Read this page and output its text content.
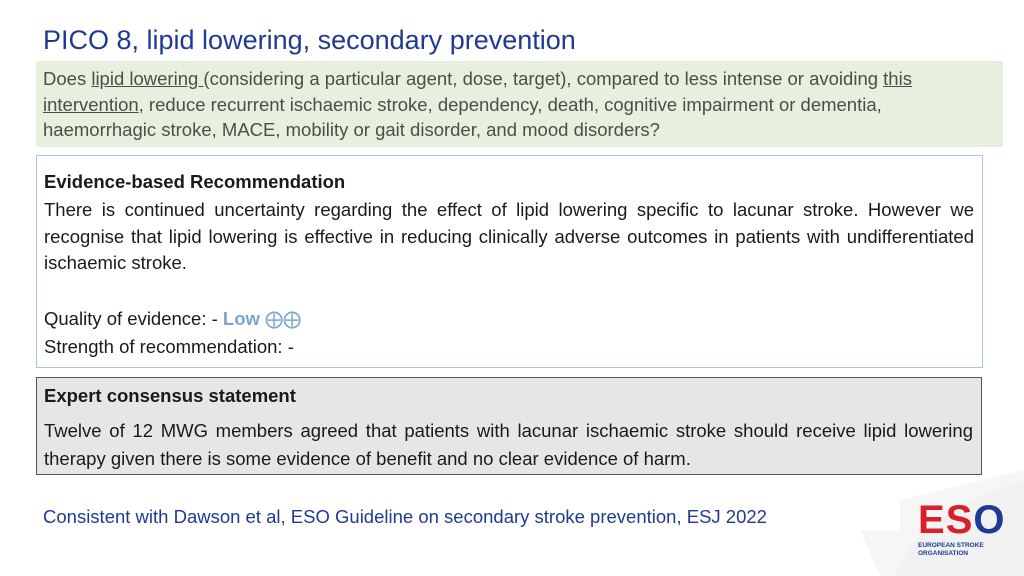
PICO 8, lipid lowering, secondary prevention
Does lipid lowering (considering a particular agent, dose, target), compared to less intense or avoiding this intervention, reduce recurrent ischaemic stroke, dependency, death, cognitive impairment or dementia, haemorrhagic stroke, MACE, mobility or gait disorder, and mood disorders?
Evidence-based Recommendation
There is continued uncertainty regarding the effect of lipid lowering specific to lacunar stroke. However we recognise that lipid lowering is effective in reducing clinically adverse outcomes in patients with undifferentiated ischaemic stroke.
Quality of evidence: - Low ⨁⨁
Strength of recommendation: -
Expert consensus statement
Twelve of 12 MWG members agreed that patients with lacunar ischaemic stroke should receive lipid lowering therapy given there is some evidence of benefit and no clear evidence of harm.
Consistent with Dawson et al, ESO Guideline on secondary stroke prevention, ESJ 2022	ESO
EUROPEAN STROKE
ORGANISATION
